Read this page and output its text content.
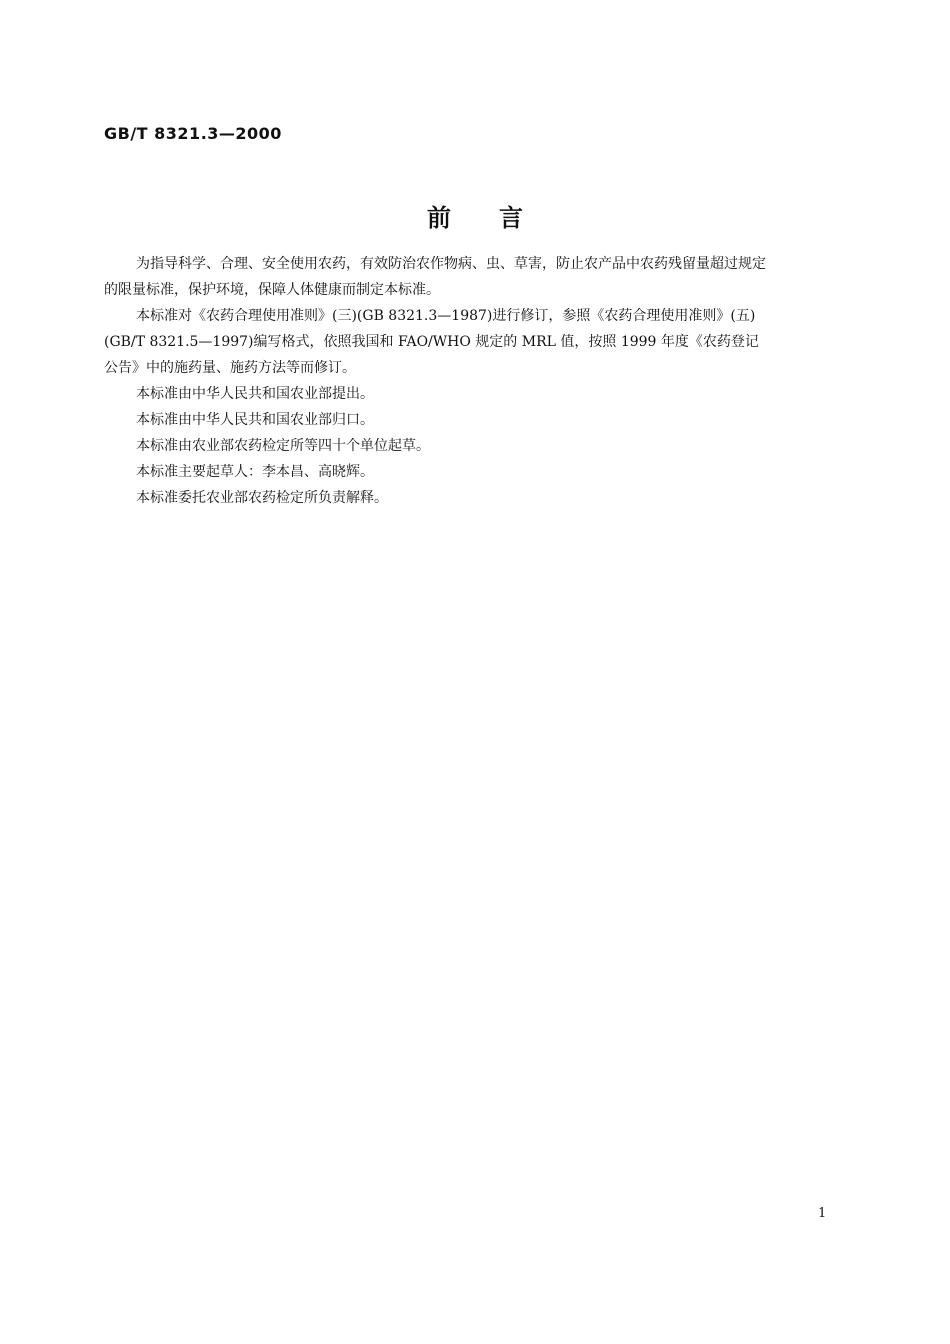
GB/T 8321.3—2000
前言
为指导科学、合理、安全使用农药，有效防治农作物病、虫、草害，防止农产品中农药残留量超过规定
的限量标准，保护环境，保障人体健康而制定本标准。
本标准对《农药合理使用准则》(三)(GB 8321.3—1987)进行修订，参照《农药合理使用准则》(五)
(GB/T 8321.5—1997)编写格式，依照我国和 FAO/WHO 规定的 MRL 值，按照 1999 年度《农药登记
公告》中的施药量、施药方法等而修订。
本标准由中华人民共和国农业部提出。
本标准由中华人民共和国农业部归口。
本标准由农业部农药检定所等四十个单位起草。
本标准主要起草人：李本昌、高晓辉。
本标准委托农业部农药检定所负责解释。
1
